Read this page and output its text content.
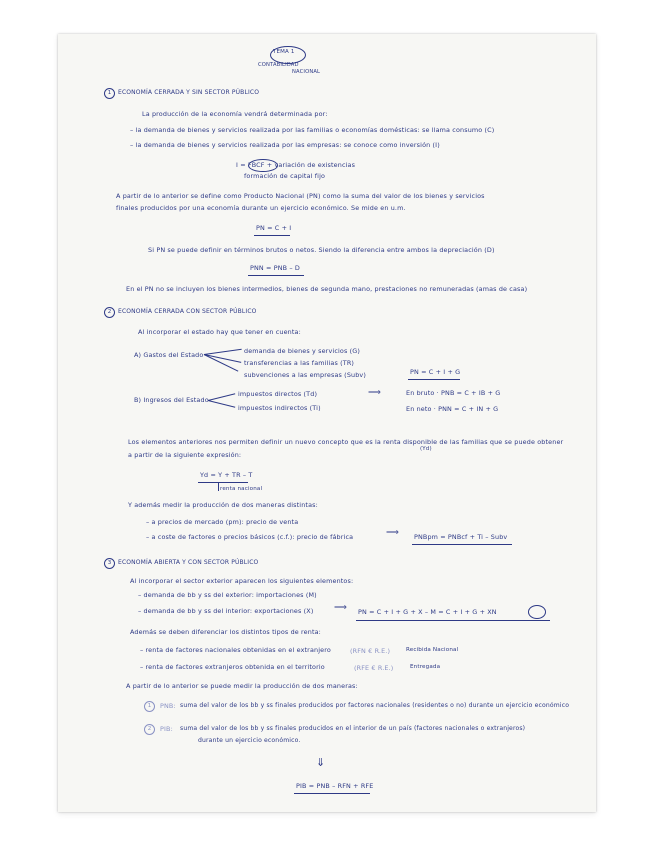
TEMA 1
CONTABILIDAD
NACIONAL
1	ECONOMÍA CERRADA Y SIN SECTOR PÚBLICO
La producción de la economía vendrá determinada por:
– la demanda de bienes y servicios realizada por las familias o economías domésticas: se llama consumo (C)
– la demanda de bienes y servicios realizada por las empresas: se conoce como inversión (I)
I = FBCF + variación de existencias
formación de capital fijo
A partir de lo anterior se define como Producto Nacional (PN) como la suma del valor de los bienes y servicios
finales producidos por una economía durante un ejercicio económico. Se mide en u.m.
PN = C + I
Si PN se puede definir en términos brutos o netos. Siendo la diferencia entre ambos la depreciación (D)
PNN = PNB – D
En el PN no se incluyen los bienes intermedios, bienes de segunda mano, prestaciones no remuneradas (amas de casa)
2	ECONOMÍA CERRADA CON SECTOR PÚBLICO
Al incorporar el estado hay que tener en cuenta:
A) Gastos del Estado	demanda de bienes y servicios (G)
transferencias a las familias (TR)
subvenciones a las empresas (Subv)
B) Ingresos del Estado
impuestos directos (Td)
impuestos indirectos (Ti)
⟹
PN = C + I + G
En bruto · PNB = C + IB + G
En neto · PNN = C + IN + G
Los elementos anteriores nos permiten definir un nuevo concepto que es la renta disponible de las familias que se puede obtener
(Yd)
a partir de la siguiente expresión:
Yd = Y + TR – T
renta nacional
Y además medir la producción de dos maneras distintas:
– a precios de mercado (pm): precio de venta
– a coste de factores o precios básicos (c.f.): precio de fábrica	⟹ PNBpm = PNBcf + Ti – Subv
3	ECONOMÍA ABIERTA Y CON SECTOR PÚBLICO
Al incorporar el sector exterior aparecen los siguientes elementos:
– demanda de bb y ss del exterior: importaciones (M)
– demanda de bb y ss del interior: exportaciones (X) ⟹ PN = C + I + G + X – M = C + I + G + XN
Además se deben diferenciar los distintos tipos de renta:
– renta de factores nacionales obtenidas en el extranjero	(RFN € R.E.)	Recibida Nacional
– renta de factores extranjeros obtenida en el territorio	(RFE € R.E.)	Entregada
A partir de lo anterior se puede medir la producción de dos maneras:
1	PNB: suma del valor de los bb y ss finales producidos por factores nacionales (residentes o no) durante un ejercicio económico
2	PIB: suma del valor de los bb y ss finales producidos en el interior de un país (factores nacionales o extranjeros)
durante un ejercicio económico.
⇓
PIB = PNB – RFN + RFE
